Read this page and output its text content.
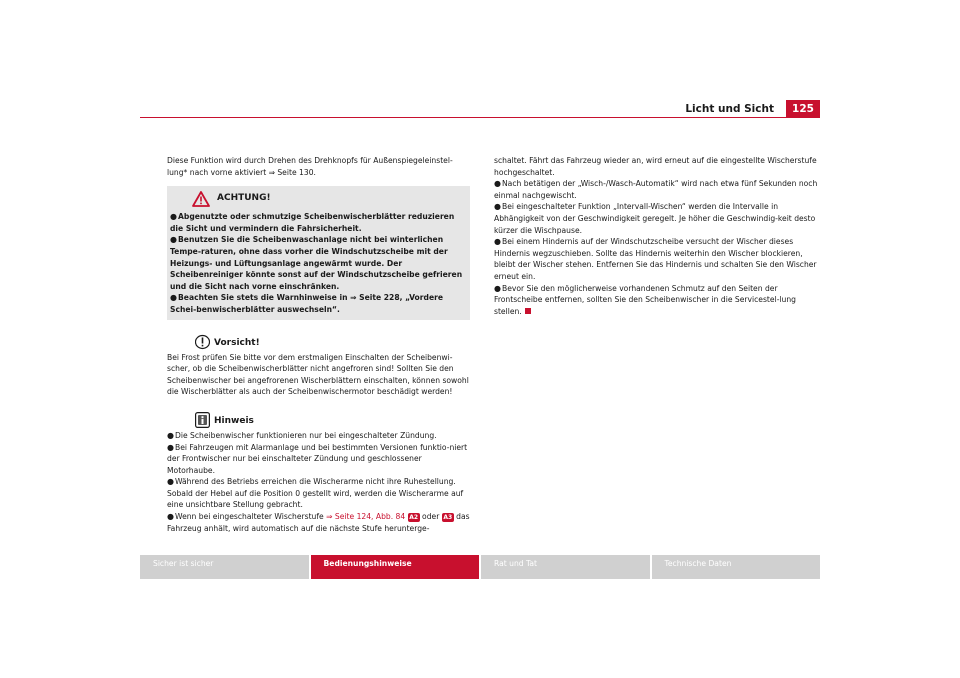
Licht und Sicht	125

Diese Funktion wird durch Drehen des Drehknopfs für Außenspiegeleinstel-lung* nach vorne aktiviert ⇒ Seite 130.

ACHTUNG!

●Abgenutzte oder schmutzige Scheibenwischerblätter reduzieren die Sicht und vermindern die Fahrsicherheit.

●Benutzen Sie die Scheibenwaschanlage nicht bei winterlichen Tempe-raturen, ohne dass vorher die Windschutzscheibe mit der Heizungs- und Lüftungsanlage angewärmt wurde. Der Scheibenreiniger könnte sonst auf der Windschutzscheibe gefrieren und die Sicht nach vorne einschränken.

●Beachten Sie stets die Warnhinweise in ⇒ Seite 228, „Vordere Schei-benwischerblätter auswechseln“.

Vorsicht!

Bei Frost prüfen Sie bitte vor dem erstmaligen Einschalten der Scheibenwi-scher, ob die Scheibenwischerblätter nicht angefroren sind! Sollten Sie den Scheibenwischer bei angefrorenen Wischerblättern einschalten, können sowohl die Wischerblätter als auch der Scheibenwischermotor beschädigt werden!

Hinweis

●Die Scheibenwischer funktionieren nur bei eingeschalteter Zündung.

●Bei Fahrzeugen mit Alarmanlage und bei bestimmten Versionen funktio-niert der Frontwischer nur bei einschalteter Zündung und geschlossener Motorhaube.

●Während des Betriebs erreichen die Wischerarme nicht ihre Ruhestellung. Sobald der Hebel auf die Position 0 gestellt wird, werden die Wischerarme auf eine unsichtbare Stellung gebracht.

●Wenn bei eingeschalteter Wischerstufe ⇒ Seite 124, Abb. 84 A2 oder A3 das Fahrzeug anhält, wird automatisch auf die nächste Stufe herunterge-

schaltet. Fährt das Fahrzeug wieder an, wird erneut auf die eingestellte Wischerstufe hochgeschaltet.

●Nach betätigen der „Wisch-/Wasch-Automatik“ wird nach etwa fünf Sekunden noch einmal nachgewischt.

●Bei eingeschalteter Funktion „Intervall-Wischen“ werden die Intervalle in Abhängigkeit von der Geschwindigkeit geregelt. Je höher die Geschwindig-keit desto kürzer die Wischpause.

●Bei einem Hindernis auf der Windschutzscheibe versucht der Wischer dieses Hindernis wegzuschieben. Sollte das Hindernis weiterhin den Wischer blockieren, bleibt der Wischer stehen. Entfernen Sie das Hindernis und schalten Sie den Wischer erneut ein.

●Bevor Sie den möglicherweise vorhandenen Schmutz auf den Seiten der Frontscheibe entfernen, sollten Sie den Scheibenwischer in die Servicestel-lung stellen.

Sicher ist sicher	Bedienungshinweise	Rat und Tat	Technische Daten
